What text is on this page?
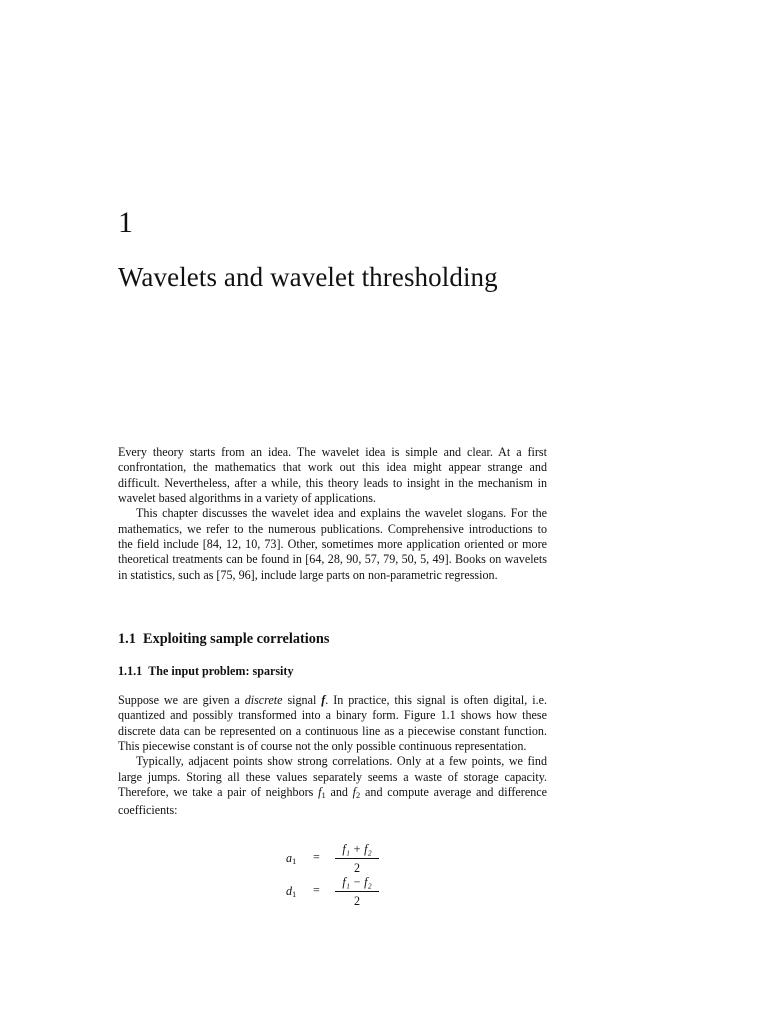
1
Wavelets and wavelet thresholding

Every theory starts from an idea. The wavelet idea is simple and clear. At a first confrontation, the mathematics that work out this idea might appear strange and difficult. Nevertheless, after a while, this theory leads to insight in the mechanism in wavelet based algorithms in a variety of applications.

This chapter discusses the wavelet idea and explains the wavelet slogans. For the mathematics, we refer to the numerous publications. Comprehensive introductions to the field include [84, 12, 10, 73]. Other, sometimes more application oriented or more theoretical treatments can be found in [64, 28, 90, 57, 79, 50, 5, 49]. Books on wavelets in statistics, such as [75, 96], include large parts on non-parametric regression.

1.1 Exploiting sample correlations
1.1.1 The input problem: sparsity

Suppose we are given a discrete signal f. In practice, this signal is often digital, i.e. quantized and possibly transformed into a binary form. Figure 1.1 shows how these discrete data can be represented on a continuous line as a piecewise constant function. This piecewise constant is of course not the only possible continuous representation.

Typically, adjacent points show strong correlations. Only at a few points, we find large jumps. Storing all these values separately seems a waste of storage capacity. Therefore, we take a pair of neighbors $f_1$ and $f_2$ and compute average and difference coefficients:

$a_1$ =
f₁ + f₂
2
$d_1$ =
f₁ − f₂
2
